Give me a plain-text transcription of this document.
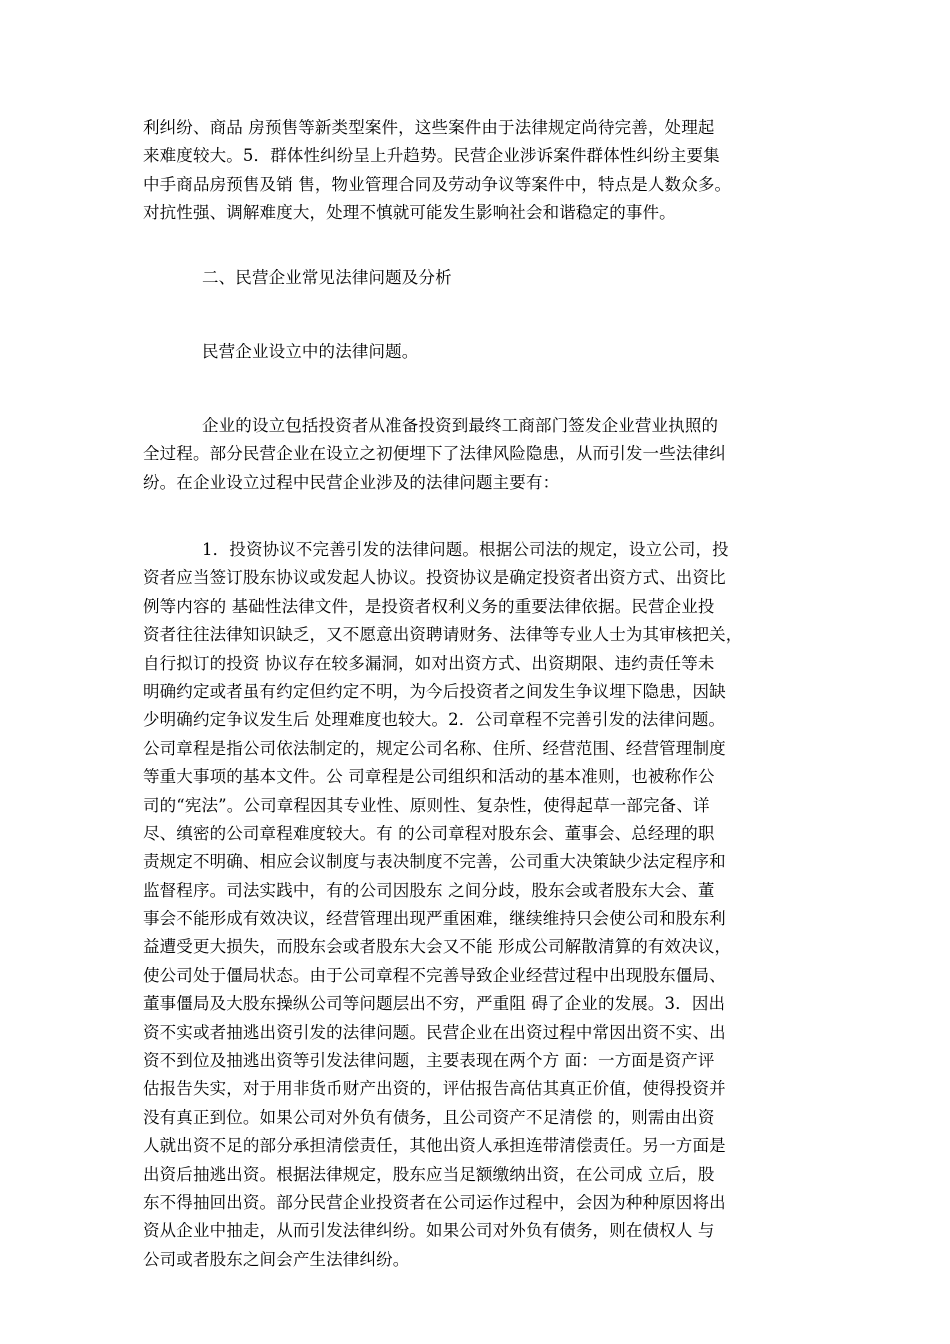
利纠纷、商品 房预售等新类型案件，这些案件由于法律规定尚待完善，处理起
来难度较大。5．群体性纠纷呈上升趋势。民营企业涉诉案件群体性纠纷主要集
中手商品房预售及销 售，物业管理合同及劳动争议等案件中，特点是人数众多。
对抗性强、调解难度大，处理不慎就可能发生影响社会和谐稳定的事件。
二、民营企业常见法律问题及分析
民营企业设立中的法律问题。
企业的设立包括投资者从准备投资到最终工商部门签发企业营业执照的
全过程。部分民营企业在设立之初便埋下了法律风险隐患，从而引发一些法律纠
纷。在企业设立过程中民营企业涉及的法律问题主要有：
1．投资协议不完善引发的法律问题。根据公司法的规定，设立公司，投
资者应当签订股东协议或发起人协议。投资协议是确定投资者出资方式、出资比
例等内容的 基础性法律文件，是投资者权利义务的重要法律依据。民营企业投
资者往往法律知识缺乏，又不愿意出资聘请财务、法律等专业人士为其审核把关，
自行拟订的投资 协议存在较多漏洞，如对出资方式、出资期限、违约责任等未
明确约定或者虽有约定但约定不明，为今后投资者之间发生争议埋下隐患，因缺
少明确约定争议发生后 处理难度也较大。2．公司章程不完善引发的法律问题。
公司章程是指公司依法制定的，规定公司名称、住所、经营范围、经营管理制度
等重大事项的基本文件。公 司章程是公司组织和活动的基本准则，也被称作公
司的“宪法”。公司章程因其专业性、原则性、复杂性，使得起草一部完备、详
尽、缜密的公司章程难度较大。有 的公司章程对股东会、董事会、总经理的职
责规定不明确、相应会议制度与表决制度不完善，公司重大决策缺少法定程序和
监督程序。司法实践中，有的公司因股东 之间分歧，股东会或者股东大会、董
事会不能形成有效决议，经营管理出现严重困难，继续维持只会使公司和股东利
益遭受更大损失，而股东会或者股东大会又不能 形成公司解散清算的有效决议，
使公司处于僵局状态。由于公司章程不完善导致企业经营过程中出现股东僵局、
董事僵局及大股东操纵公司等问题层出不穷，严重阻 碍了企业的发展。3．因出
资不实或者抽逃出资引发的法律问题。民营企业在出资过程中常因出资不实、出
资不到位及抽逃出资等引发法律问题，主要表现在两个方 面：一方面是资产评
估报告失实，对于用非货币财产出资的，评估报告高估其真正价值，使得投资并
没有真正到位。如果公司对外负有债务，且公司资产不足清偿 的，则需由出资
人就出资不足的部分承担清偿责任，其他出资人承担连带清偿责任。另一方面是
出资后抽逃出资。根据法律规定，股东应当足额缴纳出资，在公司成 立后，股
东不得抽回出资。部分民营企业投资者在公司运作过程中，会因为种种原因将出
资从企业中抽走，从而引发法律纠纷。如果公司对外负有债务，则在债权人 与
公司或者股东之间会产生法律纠纷。
